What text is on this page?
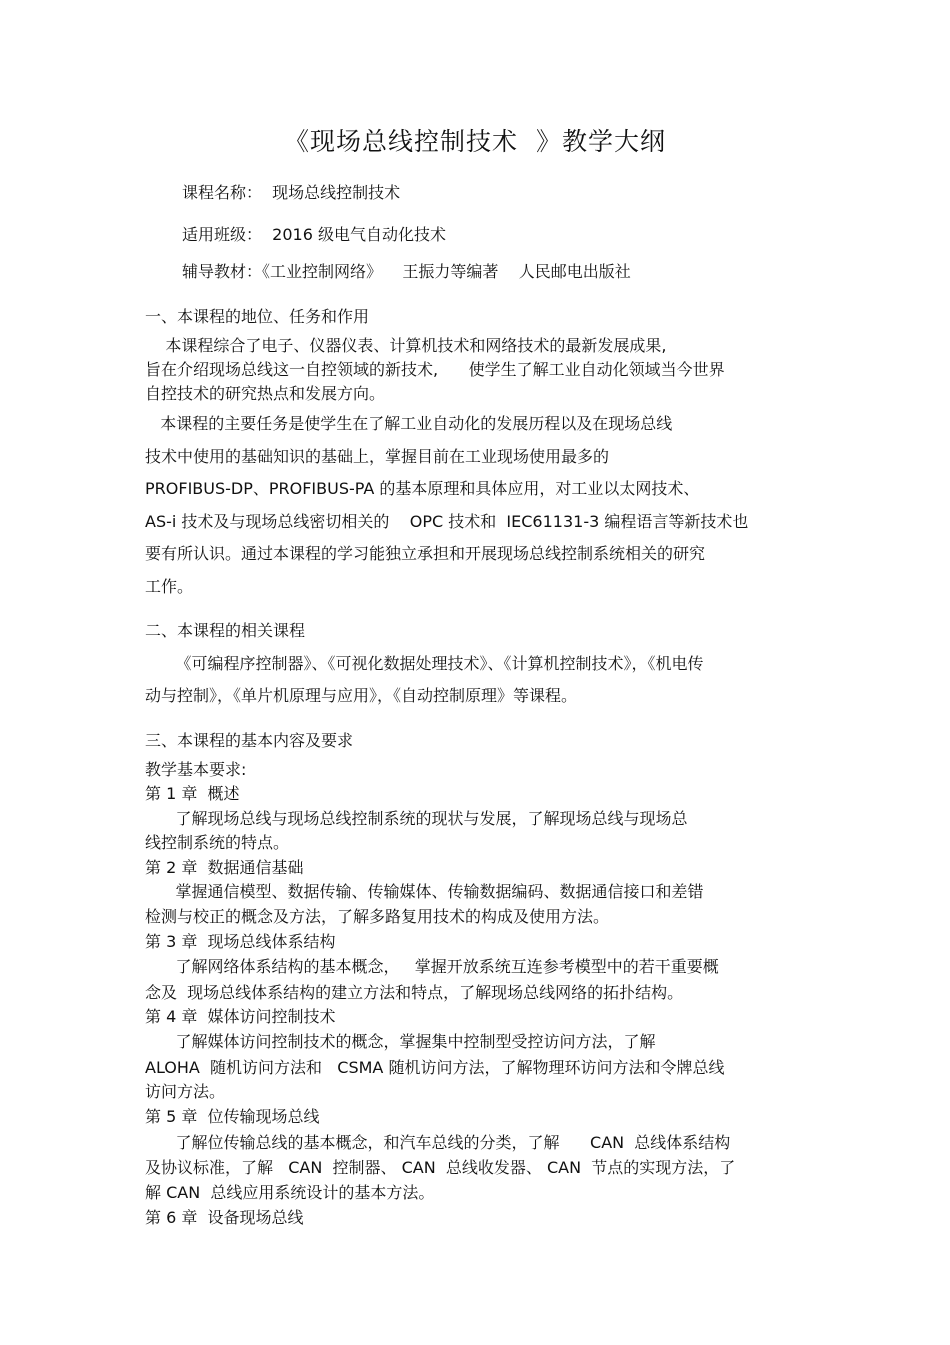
《现场总线控制技术  》教学大纲
课程名称：  现场总线控制技术
适用班级：  2016 级电气自动化技术
辅导教材：《工业控制网络》    王振力等编著    人民邮电出版社
一、本课程的地位、任务和作用
本课程综合了电子、仪器仪表、计算机技术和网络技术的最新发展成果,
旨在介绍现场总线这一自控领域的新技术,      使学生了解工业自动化领域当今世界
自控技术的研究热点和发展方向。
本课程的主要任务是使学生在了解工业自动化的发展历程以及在现场总线
技术中使用的基础知识的基础上，掌握目前在工业现场使用最多的
PROFIBUS-DP、PROFIBUS-PA 的基本原理和具体应用，对工业以太网技术、
AS-i 技术及与现场总线密切相关的    OPC 技术和  IEC61131-3 编程语言等新技术也
要有所认识。通过本课程的学习能独立承担和开展现场总线控制系统相关的研究
工作。
二、本课程的相关课程
《可编程序控制器》、《可视化数据处理技术》、《计算机控制技术》，《机电传
动与控制》，《单片机原理与应用》，《自动控制原理》等课程。
三、本课程的基本内容及要求
教学基本要求:
第 1 章  概述
了解现场总线与现场总线控制系统的现状与发展，了解现场总线与现场总
线控制系统的特点。
第 2 章  数据通信基础
掌握通信模型、数据传输、传输媒体、传输数据编码、数据通信接口和差错
检测与校正的概念及方法，了解多路复用技术的构成及使用方法。
第 3 章  现场总线体系结构
了解网络体系结构的基本概念，   掌握开放系统互连参考模型中的若干重要概
念及  现场总线体系结构的建立方法和特点，了解现场总线网络的拓扑结构。
第 4 章  媒体访问控制技术
了解媒体访问控制技术的概念，掌握集中控制型受控访问方法，了解
ALOHA  随机访问方法和   CSMA 随机访问方法，了解物理环访问方法和令牌总线
访问方法。
第 5 章  位传输现场总线
了解位传输总线的基本概念，和汽车总线的分类，了解      CAN  总线体系结构
及协议标准，了解   CAN  控制器、 CAN  总线收发器、 CAN  节点的实现方法，了
解 CAN  总线应用系统设计的基本方法。
第 6 章  设备现场总线
